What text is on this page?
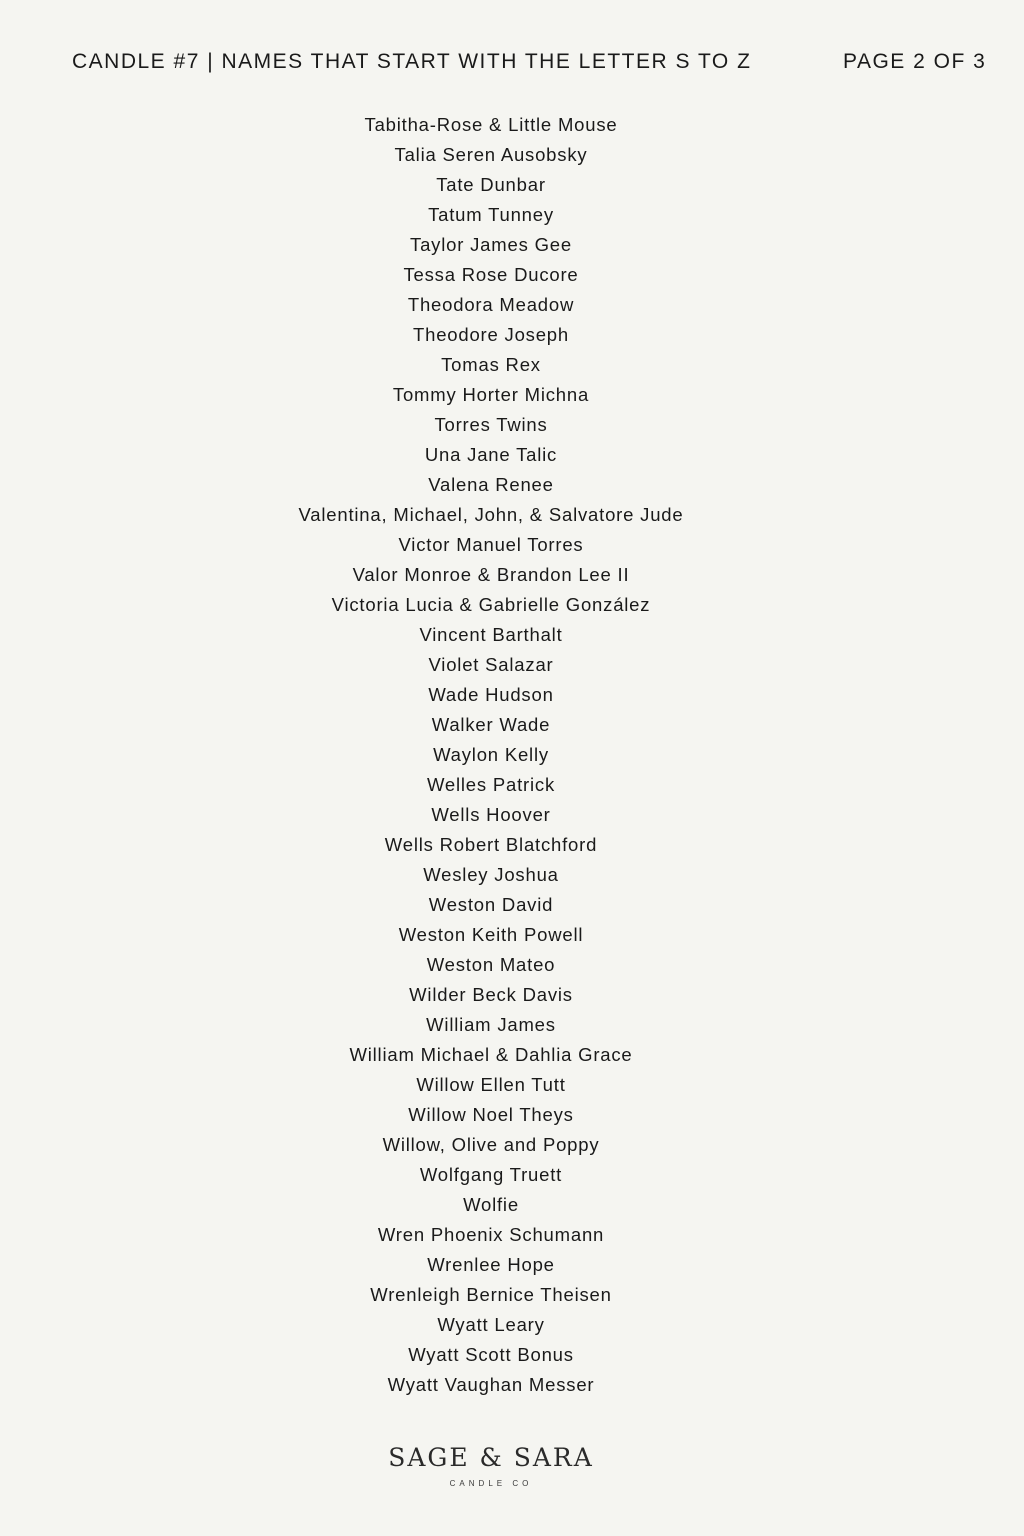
CANDLE #7 | NAMES THAT START WITH THE LETTER S TO Z	PAGE 2 OF 3
Tabitha-Rose & Little Mouse
Talia Seren Ausobsky
Tate Dunbar
Tatum Tunney
Taylor James Gee
Tessa Rose Ducore
Theodora Meadow
Theodore Joseph
Tomas Rex
Tommy Horter Michna
Torres Twins
Una Jane Talic
Valena Renee
Valentina, Michael, John, & Salvatore Jude
Victor Manuel Torres
Valor Monroe & Brandon Lee II
Victoria Lucia & Gabrielle González
Vincent Barthalt
Violet Salazar
Wade Hudson
Walker Wade
Waylon Kelly
Welles Patrick
Wells Hoover
Wells Robert Blatchford
Wesley Joshua
Weston David
Weston Keith Powell
Weston Mateo
Wilder Beck Davis
William James
William Michael & Dahlia Grace
Willow Ellen Tutt
Willow Noel Theys
Willow, Olive and Poppy
Wolfgang Truett
Wolfie
Wren Phoenix Schumann
Wrenlee Hope
Wrenleigh Bernice Theisen
Wyatt Leary
Wyatt Scott Bonus
Wyatt Vaughan Messer
SAGE & SARA
CANDLE CO
